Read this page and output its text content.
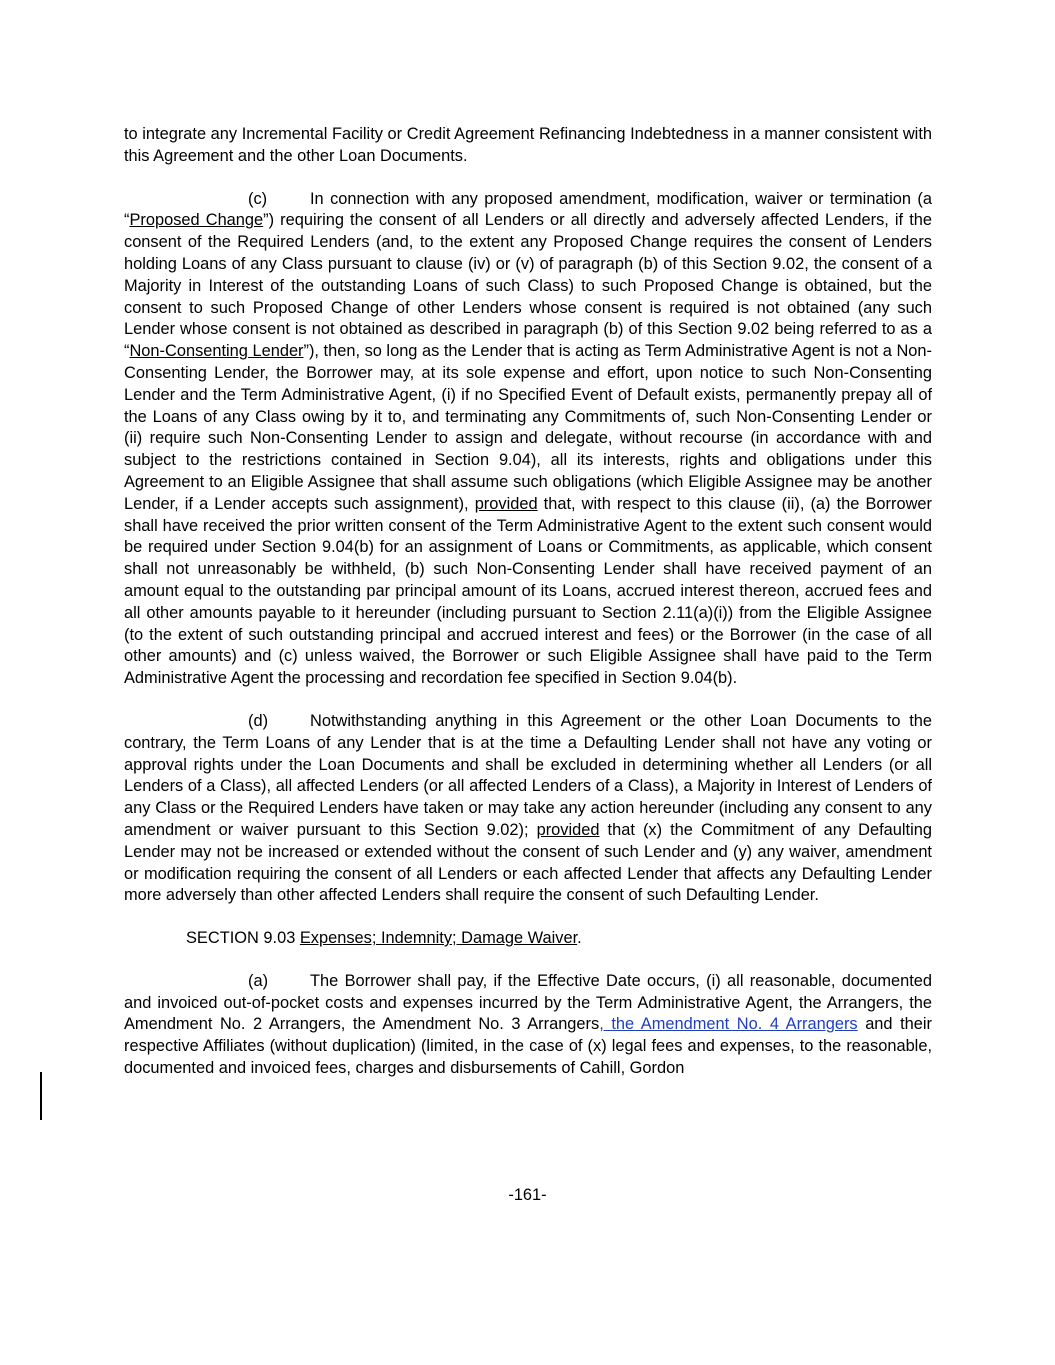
to integrate any Incremental Facility or Credit Agreement Refinancing Indebtedness in a manner consistent with this Agreement and the other Loan Documents.

(c)	In connection with any proposed amendment, modification, waiver or termination (a “Proposed Change”) requiring the consent of all Lenders or all directly and adversely affected Lenders, if the consent of the Required Lenders (and, to the extent any Proposed Change requires the consent of Lenders holding Loans of any Class pursuant to clause (iv) or (v) of paragraph (b) of this Section 9.02, the consent of a Majority in Interest of the outstanding Loans of such Class) to such Proposed Change is obtained, but the consent to such Proposed Change of other Lenders whose consent is required is not obtained (any such Lender whose consent is not obtained as described in paragraph (b) of this Section 9.02 being referred to as a “Non-Consenting Lender”), then, so long as the Lender that is acting as Term Administrative Agent is not a Non-Consenting Lender, the Borrower may, at its sole expense and effort, upon notice to such Non-Consenting Lender and the Term Administrative Agent, (i) if no Specified Event of Default exists, permanently prepay all of the Loans of any Class owing by it to, and terminating any Commitments of, such Non-Consenting Lender or (ii) require such Non-Consenting Lender to assign and delegate, without recourse (in accordance with and subject to the restrictions contained in Section 9.04), all its interests, rights and obligations under this Agreement to an Eligible Assignee that shall assume such obligations (which Eligible Assignee may be another Lender, if a Lender accepts such assignment), provided that, with respect to this clause (ii), (a) the Borrower shall have received the prior written consent of the Term Administrative Agent to the extent such consent would be required under Section 9.04(b) for an assignment of Loans or Commitments, as applicable, which consent shall not unreasonably be withheld, (b) such Non-Consenting Lender shall have received payment of an amount equal to the outstanding par principal amount of its Loans, accrued interest thereon, accrued fees and all other amounts payable to it hereunder (including pursuant to Section 2.11(a)(i)) from the Eligible Assignee (to the extent of such outstanding principal and accrued interest and fees) or the Borrower (in the case of all other amounts) and (c) unless waived, the Borrower or such Eligible Assignee shall have paid to the Term Administrative Agent the processing and recordation fee specified in Section 9.04(b).

(d)	Notwithstanding anything in this Agreement or the other Loan Documents to the contrary, the Term Loans of any Lender that is at the time a Defaulting Lender shall not have any voting or approval rights under the Loan Documents and shall be excluded in determining whether all Lenders (or all Lenders of a Class), all affected Lenders (or all affected Lenders of a Class), a Majority in Interest of Lenders of any Class or the Required Lenders have taken or may take any action hereunder (including any consent to any amendment or waiver pursuant to this Section 9.02); provided that (x) the Commitment of any Defaulting Lender may not be increased or extended without the consent of such Lender and (y) any waiver, amendment or modification requiring the consent of all Lenders or each affected Lender that affects any Defaulting Lender more adversely than other affected Lenders shall require the consent of such Defaulting Lender.

SECTION 9.03 Expenses; Indemnity; Damage Waiver.

(a)	The Borrower shall pay, if the Effective Date occurs, (i) all reasonable, documented and invoiced out-of-pocket costs and expenses incurred by the Term Administrative Agent, the Arrangers, the Amendment No. 2 Arrangers, the Amendment No. 3 Arrangers, the Amendment No. 4 Arrangers and their respective Affiliates (without duplication) (limited, in the case of (x) legal fees and expenses, to the reasonable, documented and invoiced fees, charges and disbursements of Cahill, Gordon

-161-
